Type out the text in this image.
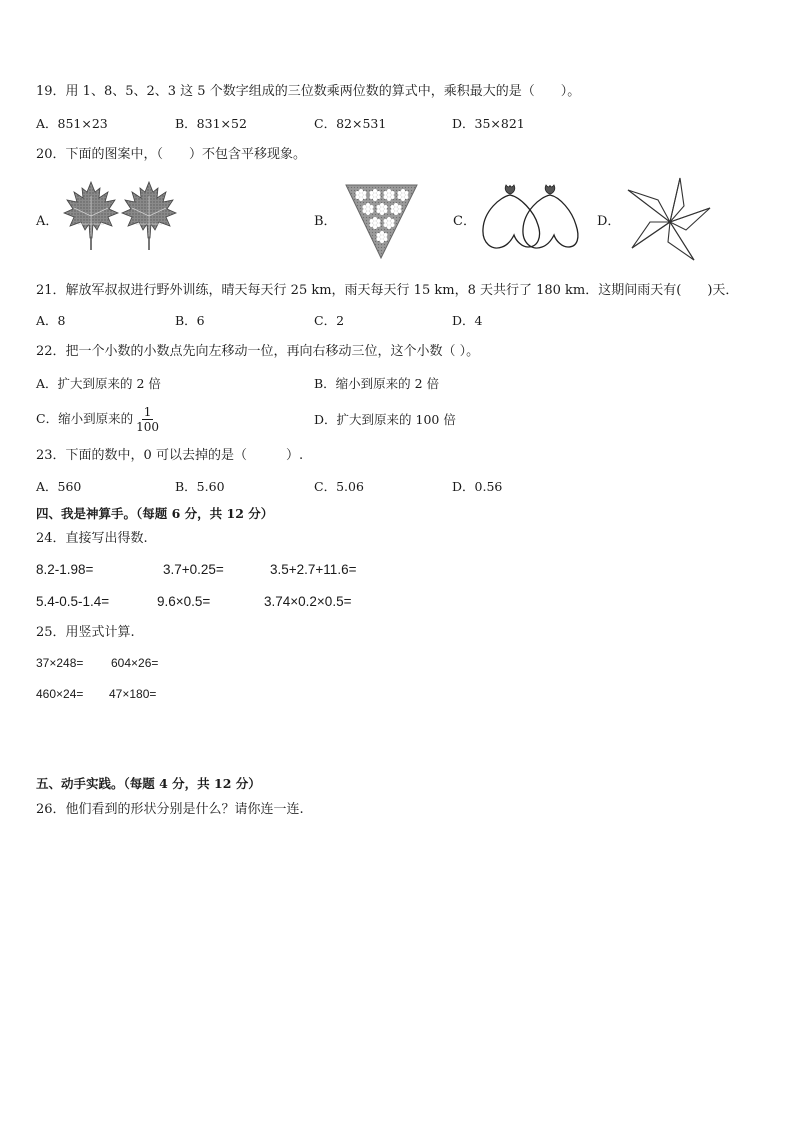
19．用 1、8、5、2、3 这 5 个数字组成的三位数乘两位数的算式中，乘积最大的是（　　）。
A．851×23	B．831×52	C．82×531	D．35×821
20．下面的图案中，（　　）不包含平移现象。
A．	B．	C．	D．
21．解放军叔叔进行野外训练，晴天每天行 25 km，雨天每天行 15 km，8 天共行了 180 km．这期间雨天有(　　)天．
A．8	B．6	C．2	D．4
22．把一个小数的小数点先向左移动一位，再向右移动三位，这个小数（ ）。
A．扩大到原来的 2 倍	B．缩小到原来的 2 倍
C．缩小到原来的 $\frac{1}{100}$	D．扩大到原来的 100 倍
23．下面的数中，0 可以去掉的是（　　　）.
A．560	B．5.60	C．5.06	D．0.56
四、我是神算手。（每题 6 分，共 12 分）
24．直接写出得数.
8.2-1.98=	3.7+0.25=	3.5+2.7+11.6=
5.4-0.5-1.4=	9.6×0.5=	3.74×0.2×0.5=
25．用竖式计算.
37×248= 604×26=
460×24= 47×180=
五、动手实践。（每题 4 分，共 12 分）
26．他们看到的形状分别是什么？请你连一连.
